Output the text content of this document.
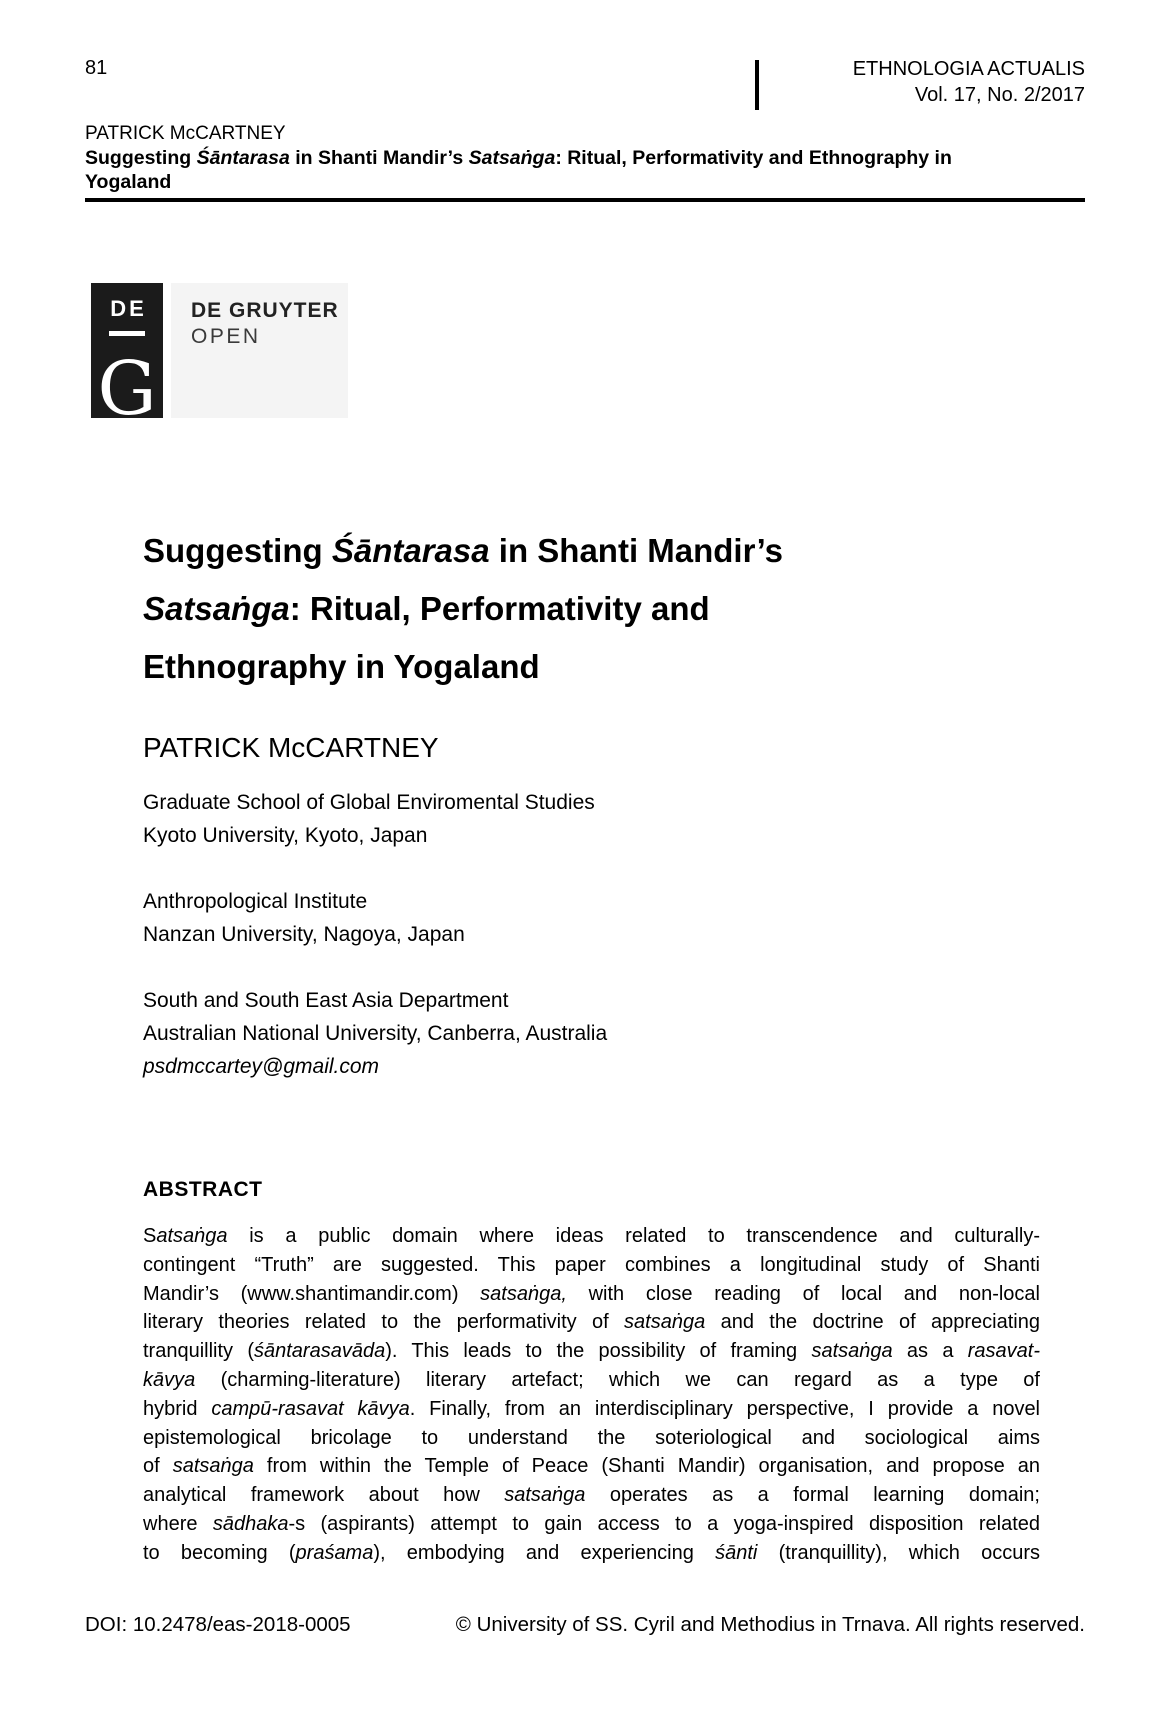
81	ETHNOLOGIA ACTUALIS
Vol. 17, No. 2/2017
PATRICK McCARTNEY
Suggesting Śāntarasa in Shanti Mandir’s Satsaṅga: Ritual, Performativity and Ethnography in
Yogaland
DE
G
DE GRUYTER
OPEN
Suggesting Śāntarasa in Shanti Mandir’s
Satsaṅga: Ritual, Performativity and
Ethnography in Yogaland
PATRICK McCARTNEY
Graduate School of Global Enviromental Studies
Kyoto University, Kyoto, Japan
Anthropological Institute
Nanzan University, Nagoya, Japan
South and South East Asia Department
Australian National University, Canberra, Australia
psdmccartey@gmail.com
ABSTRACT
Satsaṅga is a public domain where ideas related to transcendence and culturally-
contingent “Truth” are suggested. This paper combines a longitudinal study of Shanti
Mandir’s (www.shantimandir.com) satsaṅga, with close reading of local and non-local
literary theories related to the performativity of satsaṅga and the doctrine of appreciating
tranquillity (śāntarasavāda). This leads to the possibility of framing satsaṅga as a rasavat-
kāvya (charming-literature) literary artefact; which we can regard as a type of
hybrid campū-rasavat kāvya. Finally, from an interdisciplinary perspective, I provide a novel
epistemological bricolage to understand the soteriological and sociological aims
of satsaṅga from within the Temple of Peace (Shanti Mandir) organisation, and propose an
analytical framework about how satsaṅga operates as a formal learning domain;
where sādhaka-s (aspirants) attempt to gain access to a yoga-inspired disposition related
to becoming (praśama), embodying and experiencing śānti (tranquillity), which occurs
DOI: 10.2478/eas-2018-0005	© University of SS. Cyril and Methodius in Trnava. All rights reserved.
